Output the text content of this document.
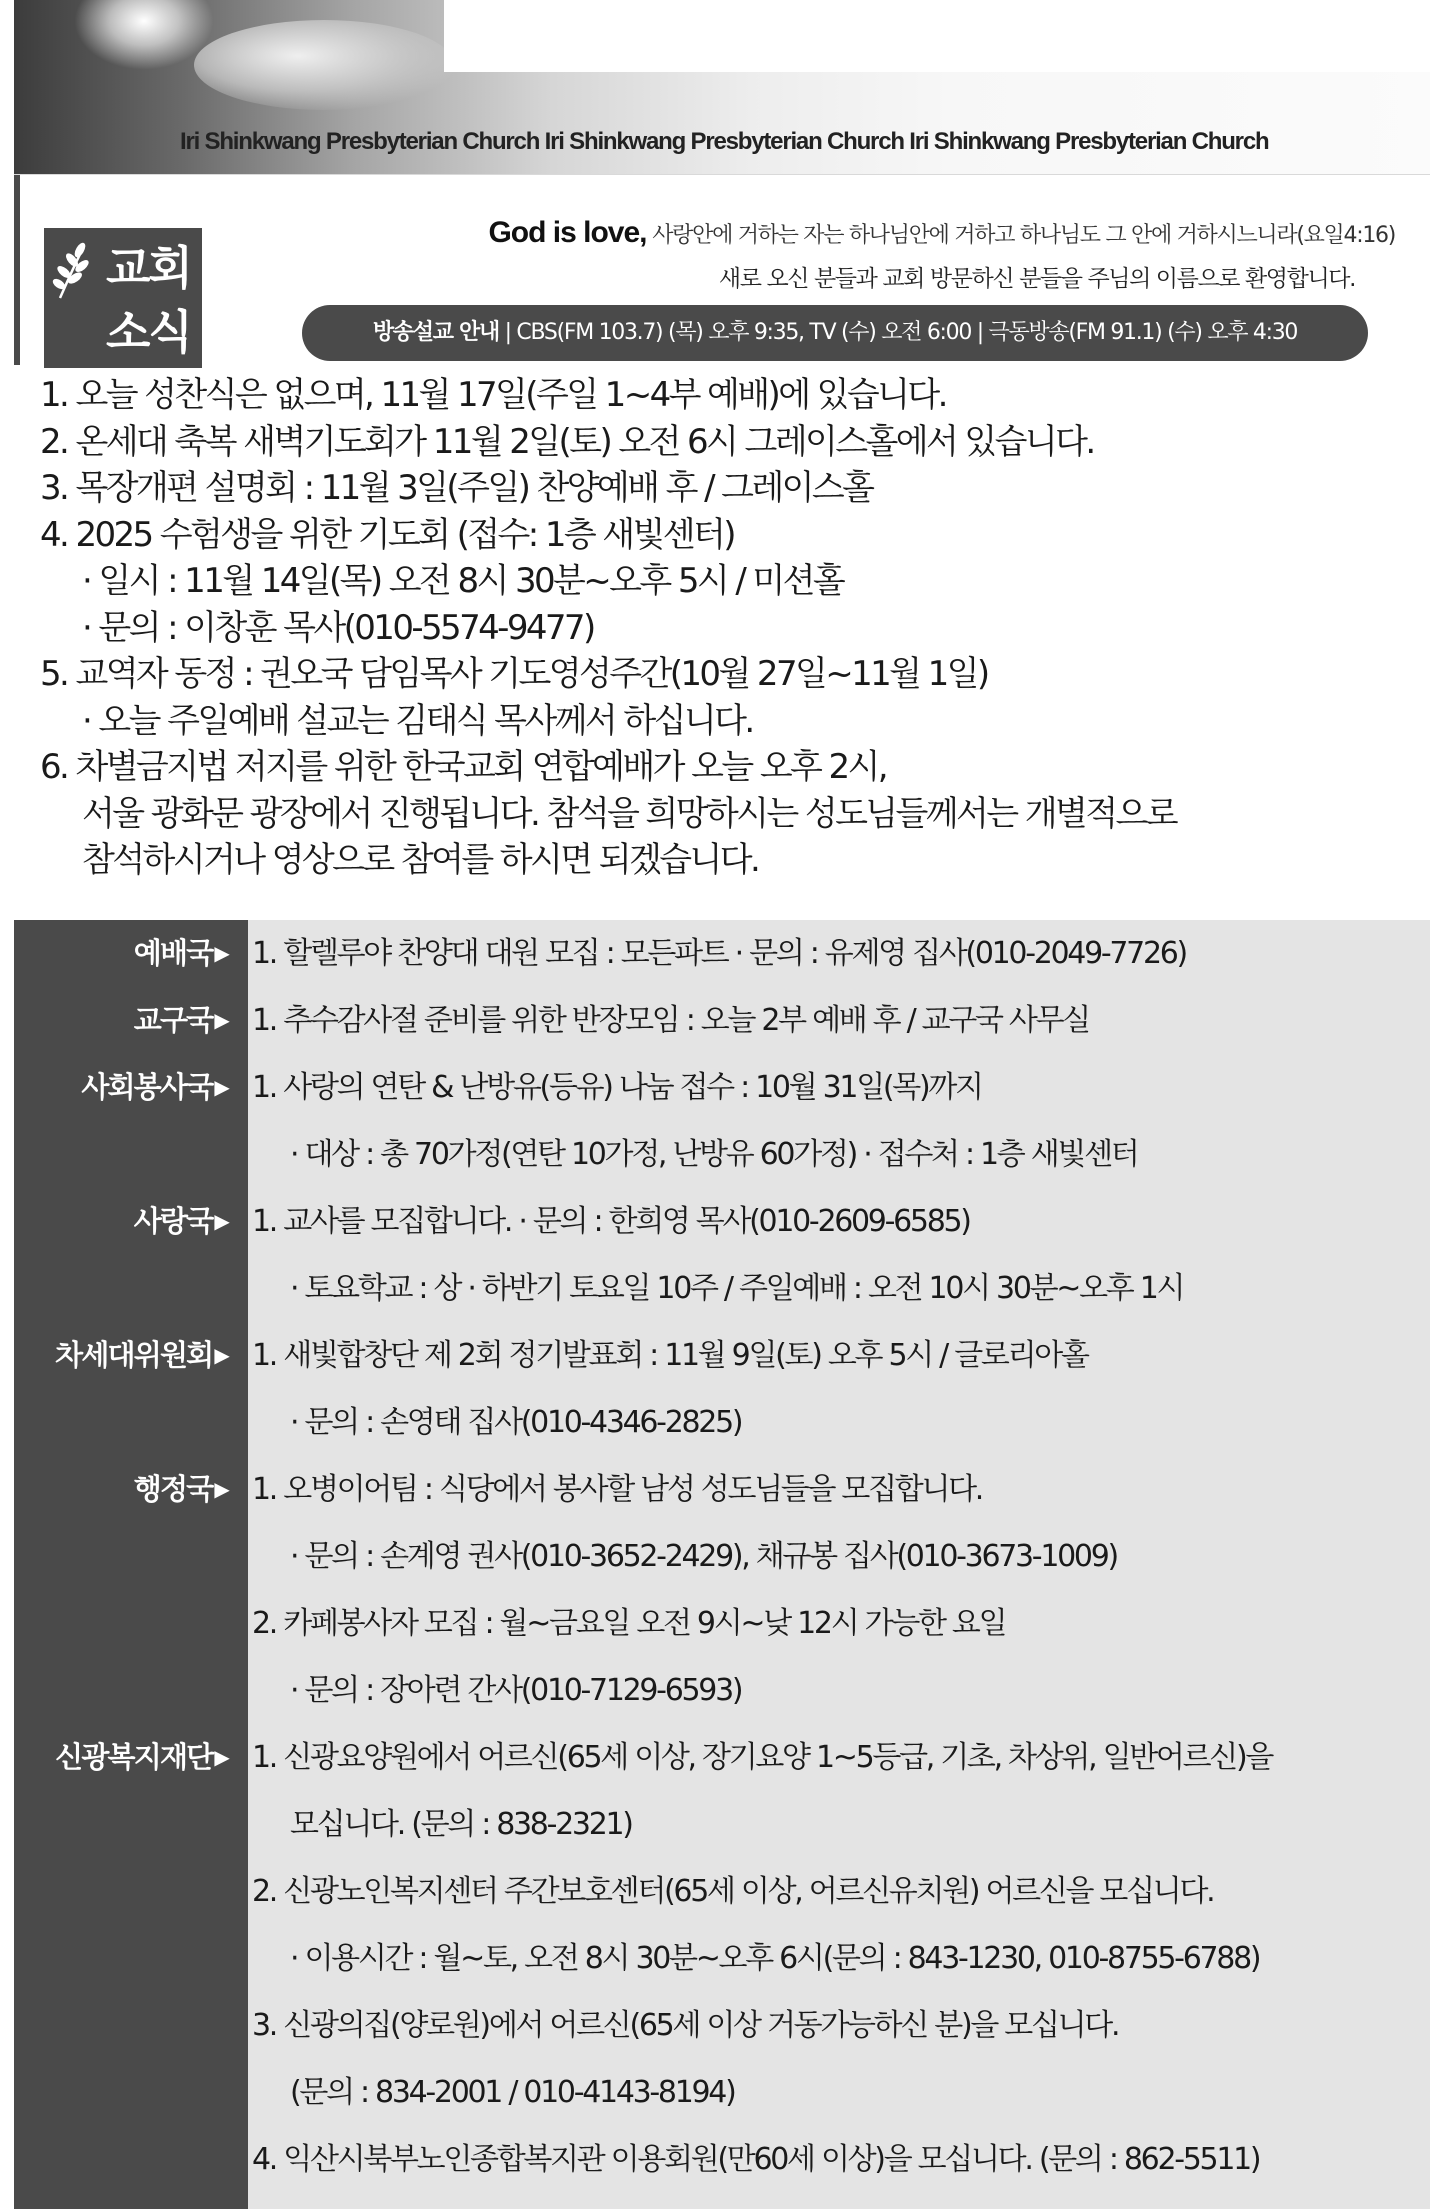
Iri Shinkwang Presbyterian Church Iri Shinkwang Presbyterian Church Iri Shinkwang Presbyterian Church
교회
소식
God is love, 사랑안에 거하는 자는 하나님안에 거하고 하나님도 그 안에 거하시느니라(요일4:16)
새로 오신 분들과 교회 방문하신 분들을 주님의 이름으로 환영합니다.
방송설교 안내 | CBS(FM 103.7) (목) 오후 9:35, TV (수) 오전 6:00 | 극동방송(FM 91.1) (수) 오후 4:30
1. 오늘 성찬식은 없으며, 11월 17일(주일 1~4부 예배)에 있습니다.
2. 온세대 축복 새벽기도회가 11월 2일(토) 오전 6시 그레이스홀에서 있습니다.
3. 목장개편 설명회 : 11월 3일(주일) 찬양예배 후 / 그레이스홀
4. 2025 수험생을 위한 기도회 (접수: 1층 새빛센터)
· 일시 : 11월 14일(목) 오전 8시 30분~오후 5시 / 미션홀
· 문의 : 이창훈 목사(010-5574-9477)
5. 교역자 동정 : 권오국 담임목사 기도영성주간(10월 27일~11월 1일)
· 오늘 주일예배 설교는 김태식 목사께서 하십니다.
6. 차별금지법 저지를 위한 한국교회 연합예배가 오늘 오후 2시,
서울 광화문 광장에서 진행됩니다. 참석을 희망하시는 성도님들께서는 개별적으로
참석하시거나 영상으로 참여를 하시면 되겠습니다.
예배국 ▶ 1. 할렐루야 찬양대 대원 모집 : 모든파트 · 문의 : 유제영 집사(010-2049-7726)
교구국 ▶ 1. 추수감사절 준비를 위한 반장모임 : 오늘 2부 예배 후 / 교구국 사무실
사회봉사국 ▶ 1. 사랑의 연탄 & 난방유(등유) 나눔 접수 : 10월 31일(목)까지
· 대상 : 총 70가정(연탄 10가정, 난방유 60가정) · 접수처 : 1층 새빛센터
사랑국 ▶ 1. 교사를 모집합니다. · 문의 : 한희영 목사(010-2609-6585)
· 토요학교 : 상 · 하반기 토요일 10주 / 주일예배 : 오전 10시 30분~오후 1시
차세대위원회 ▶ 1. 새빛합창단 제 2회 정기발표회 : 11월 9일(토) 오후 5시 / 글로리아홀
· 문의 : 손영태 집사(010-4346-2825)
행정국 ▶ 1. 오병이어팀 : 식당에서 봉사할 남성 성도님들을 모집합니다.
· 문의 : 손계영 권사(010-3652-2429), 채규봉 집사(010-3673-1009)
2. 카페봉사자 모집 : 월~금요일 오전 9시~낮 12시 가능한 요일
· 문의 : 장아련 간사(010-7129-6593)
신광복지재단 ▶ 1. 신광요양원에서 어르신(65세 이상, 장기요양 1~5등급, 기초, 차상위, 일반어르신)을
모십니다. (문의 : 838-2321)
2. 신광노인복지센터 주간보호센터(65세 이상, 어르신유치원) 어르신을 모십니다.
· 이용시간 : 월~토, 오전 8시 30분~오후 6시(문의 : 843-1230, 010-8755-6788)
3. 신광의집(양로원)에서 어르신(65세 이상 거동가능하신 분)을 모십니다.
(문의 : 834-2001 / 010-4143-8194)
4. 익산시북부노인종합복지관 이용회원(만60세 이상)을 모십니다. (문의 : 862-5511)
